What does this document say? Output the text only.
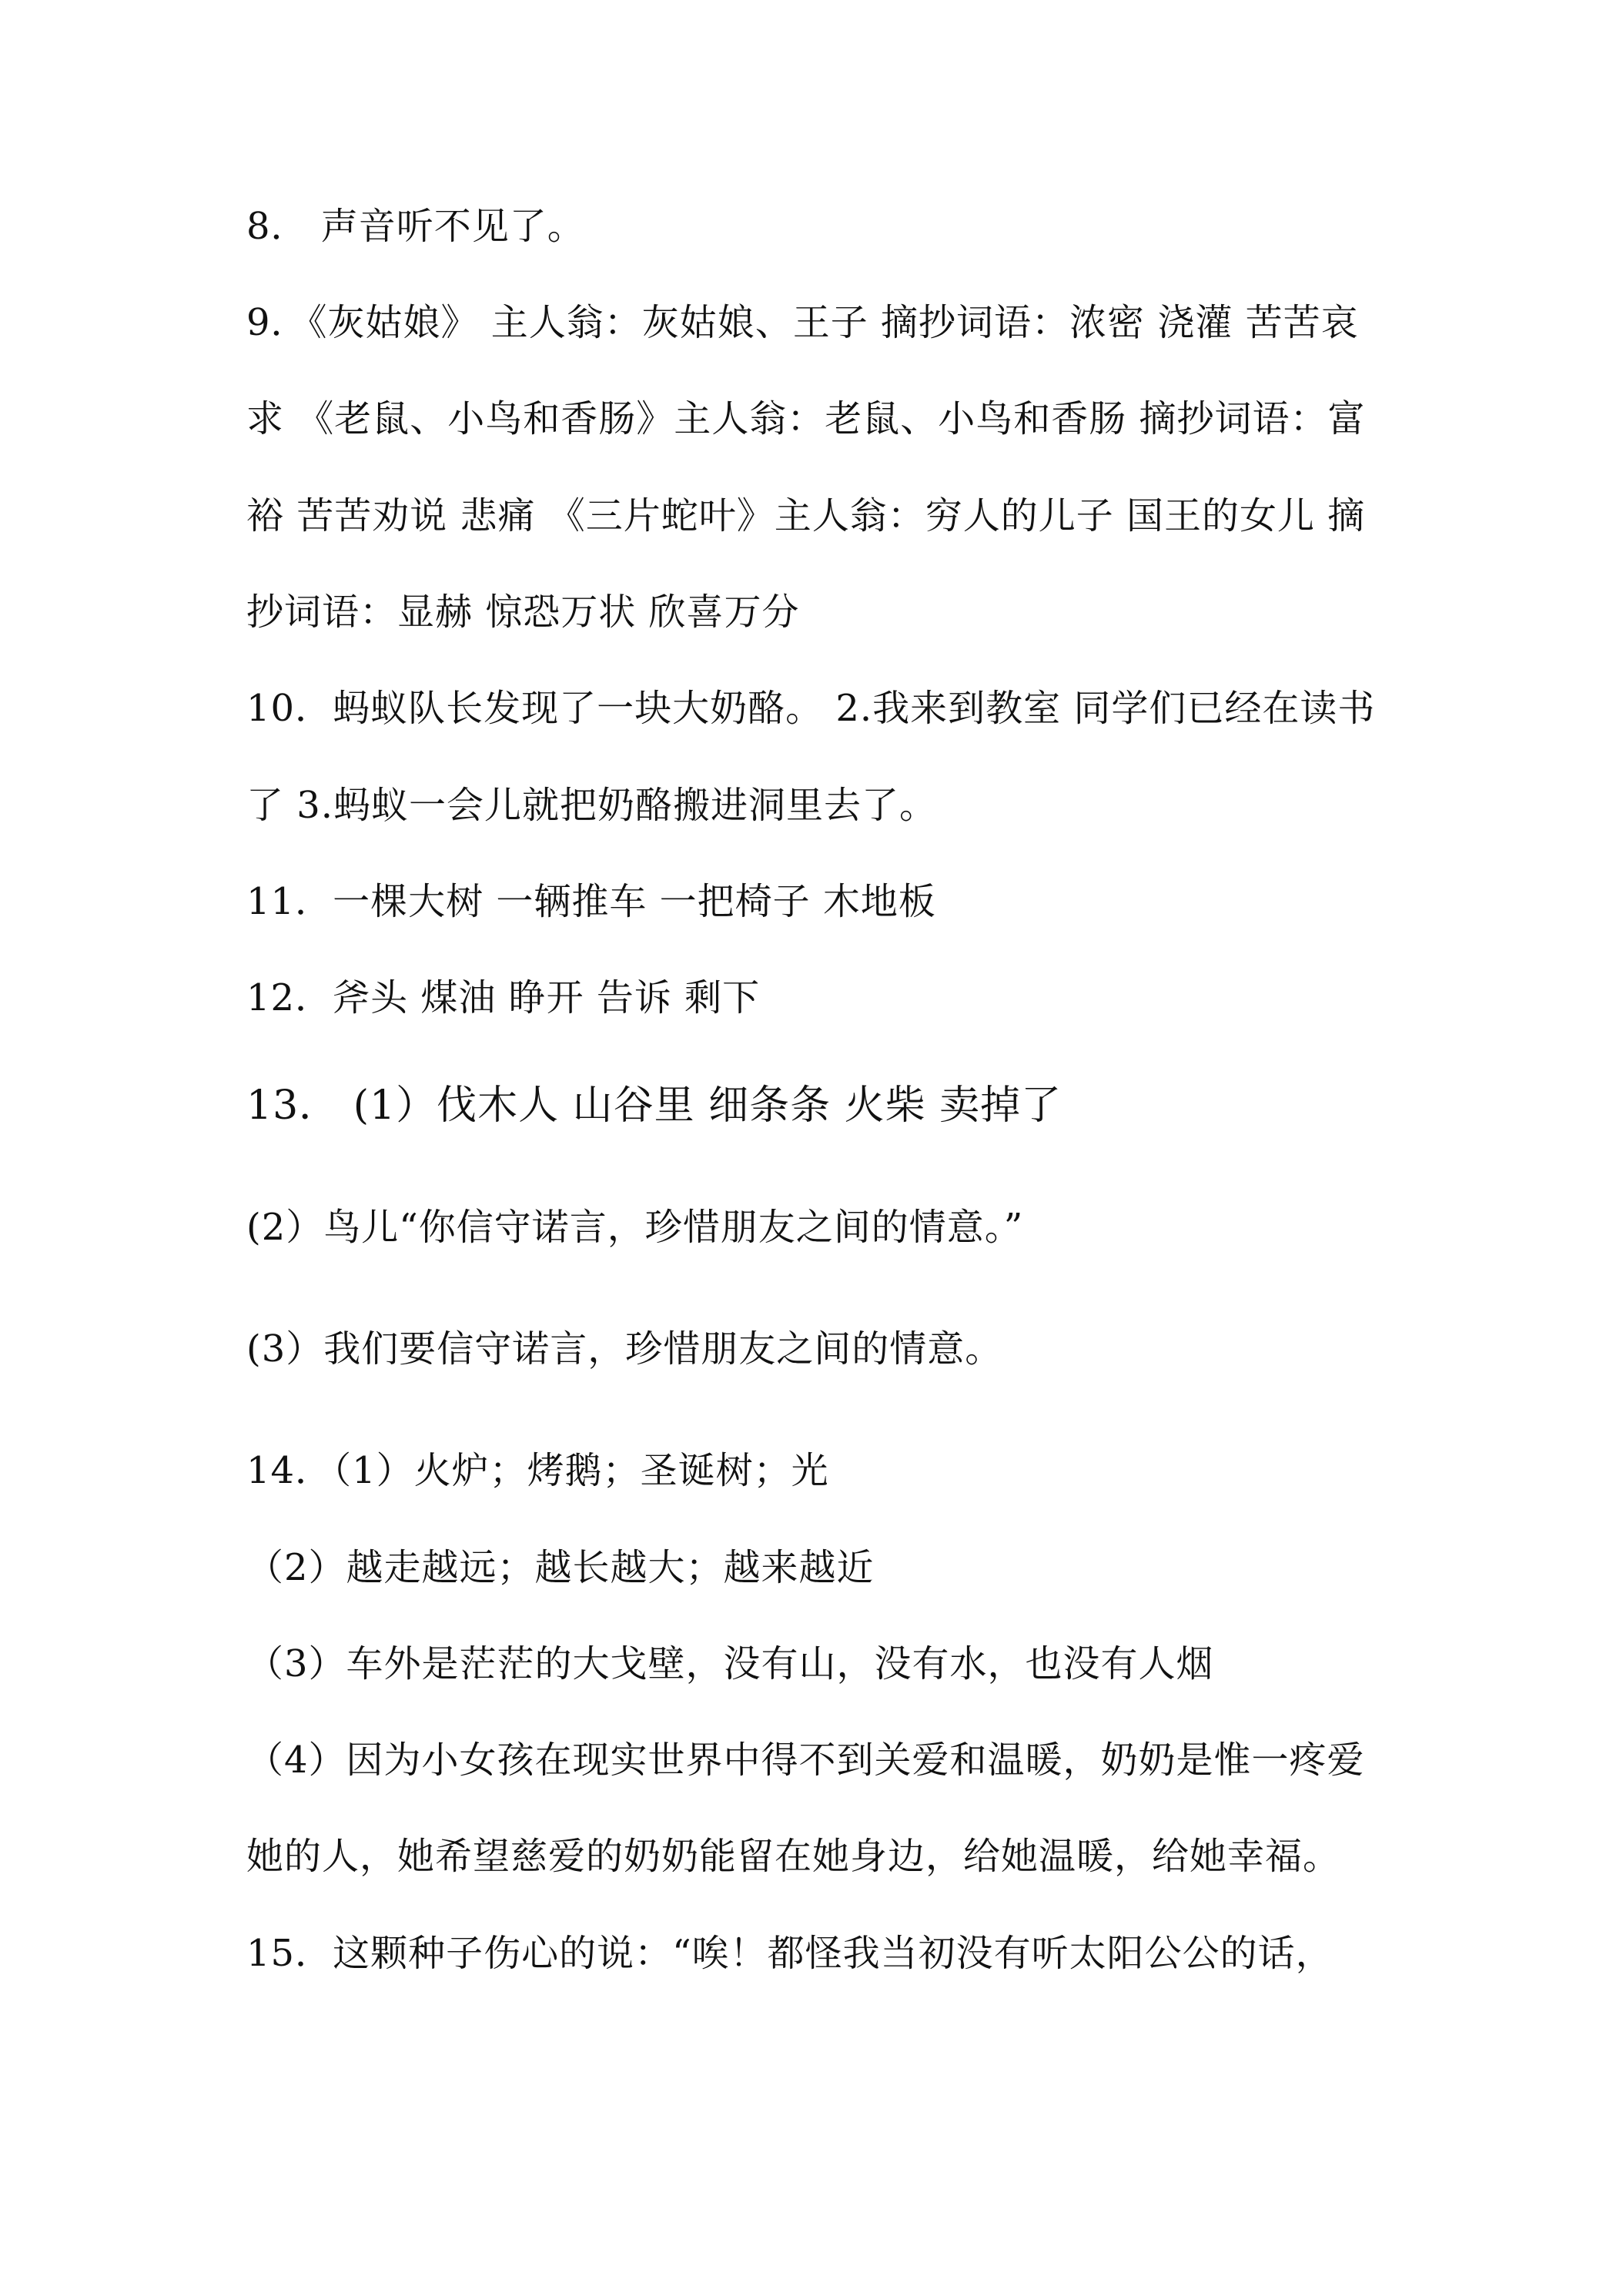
8． 声音听不见了。
9．《灰姑娘》 主人翁：灰姑娘、王子 摘抄词语：浓密 浇灌 苦苦哀
求 《老鼠、小鸟和香肠》主人翁：老鼠、小鸟和香肠 摘抄词语：富
裕 苦苦劝说 悲痛 《三片蛇叶》主人翁：穷人的儿子 国王的女儿 摘
抄词语：显赫 惊恐万状 欣喜万分
10．蚂蚁队长发现了一块大奶酪。 2.我来到教室 同学们已经在读书
了 3.蚂蚁一会儿就把奶酪搬进洞里去了。
11．一棵大树 一辆推车 一把椅子 木地板
12．斧头 煤油 睁开 告诉 剩下
13． (1）伐木人 山谷里 细条条 火柴 卖掉了
(2）鸟儿“你信守诺言，珍惜朋友之间的情意。”
(3）我们要信守诺言，珍惜朋友之间的情意。
14．（1）火炉；烤鹅；圣诞树；光
（2）越走越远；越长越大；越来越近
（3）车外是茫茫的大戈壁，没有山，没有水，也没有人烟
（4）因为小女孩在现实世界中得不到关爱和温暖，奶奶是惟一疼爱
她的人，她希望慈爱的奶奶能留在她身边，给她温暖，给她幸福。
15．这颗种子伤心的说：“唉！都怪我当初没有听太阳公公的话，
